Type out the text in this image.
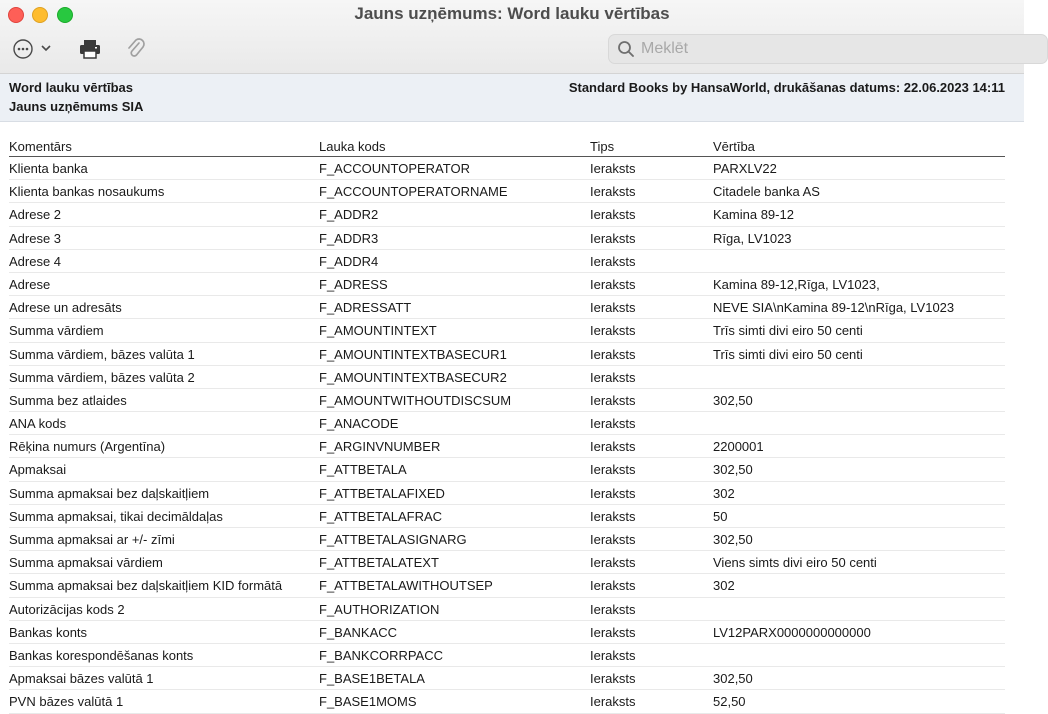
Jauns uzņēmums: Word lauku vērtības
Meklēt
Word lauku vērtības
Jauns uzņēmums SIA
Standard Books by HansaWorld, drukāšanas datums: 22.06.2023 14:11
Komentārs	Lauka kods	Tips	Vērtība
Klienta banka	F_ACCOUNTOPERATOR	Ieraksts	PARXLV22
Klienta bankas nosaukums	F_ACCOUNTOPERATORNAME	Ieraksts	Citadele banka AS
Adrese 2	F_ADDR2	Ieraksts	Kamina 89-12
Adrese 3	F_ADDR3	Ieraksts	Rīga, LV1023
Adrese 4	F_ADDR4	Ieraksts
Adrese	F_ADRESS	Ieraksts	Kamina 89-12,Rīga, LV1023,
Adrese un adresāts	F_ADRESSATT	Ieraksts	NEVE SIA\nKamina 89-12\nRīga, LV1023
Summa vārdiem	F_AMOUNTINTEXT	Ieraksts	Trīs simti divi eiro 50 centi
Summa vārdiem, bāzes valūta 1	F_AMOUNTINTEXTBASECUR1	Ieraksts	Trīs simti divi eiro 50 centi
Summa vārdiem, bāzes valūta 2	F_AMOUNTINTEXTBASECUR2	Ieraksts
Summa bez atlaides	F_AMOUNTWITHOUTDISCSUM	Ieraksts	302,50
ANA kods	F_ANACODE	Ieraksts
Rēķina numurs (Argentīna)	F_ARGINVNUMBER	Ieraksts	2200001
Apmaksai	F_ATTBETALA	Ieraksts	302,50
Summa apmaksai bez daļskaitļiem	F_ATTBETALAFIXED	Ieraksts	302
Summa apmaksai, tikai decimāldaļas	F_ATTBETALAFRAC	Ieraksts	50
Summa apmaksai ar +/- zīmi	F_ATTBETALASIGNARG	Ieraksts	302,50
Summa apmaksai vārdiem	F_ATTBETALATEXT	Ieraksts	Viens simts divi eiro 50 centi
Summa apmaksai bez daļskaitļiem KID formātā	F_ATTBETALAWITHOUTSEP	Ieraksts	302
Autorizācijas kods 2	F_AUTHORIZATION	Ieraksts
Bankas konts	F_BANKACC	Ieraksts	LV12PARX0000000000000
Bankas korespondēšanas konts	F_BANKCORRPACC	Ieraksts
Apmaksai bāzes valūtā 1	F_BASE1BETALA	Ieraksts	302,50
PVN bāzes valūtā 1	F_BASE1MOMS	Ieraksts	52,50
